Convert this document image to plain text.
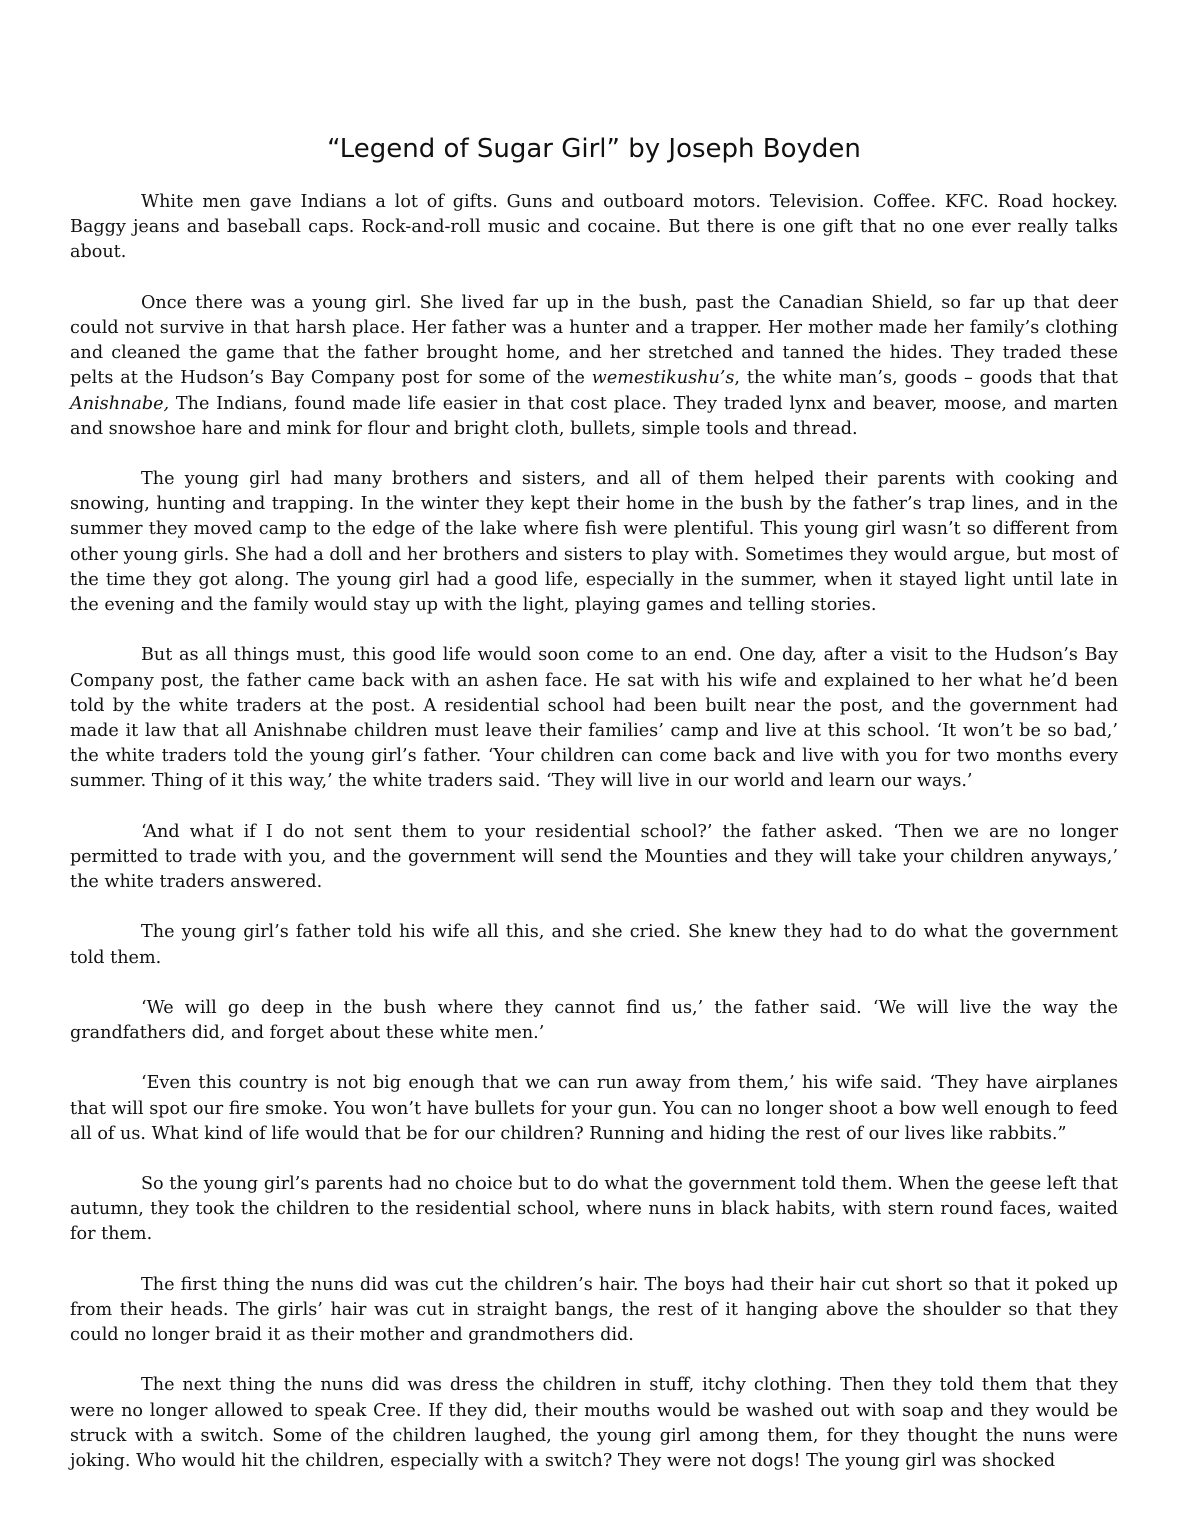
“Legend of Sugar Girl” by Joseph Boyden

White men gave Indians a lot of gifts. Guns and outboard motors. Television. Coffee. KFC. Road hockey. Baggy jeans and baseball caps. Rock-and-roll music and cocaine. But there is one gift that no one ever really talks about.

Once there was a young girl. She lived far up in the bush, past the Canadian Shield, so far up that deer could not survive in that harsh place. Her father was a hunter and a trapper. Her mother made her family’s clothing and cleaned the game that the father brought home, and her stretched and tanned the hides. They traded these pelts at the Hudson’s Bay Company post for some of the wemestikushu’s, the white man’s, goods – goods that that Anishnabe, The Indians, found made life easier in that cost place. They traded lynx and beaver, moose, and marten and snowshoe hare and mink for flour and bright cloth, bullets, simple tools and thread.

The young girl had many brothers and sisters, and all of them helped their parents with cooking and snowing, hunting and trapping. In the winter they kept their home in the bush by the father’s trap lines, and in the summer they moved camp to the edge of the lake where fish were plentiful. This young girl wasn’t so different from other young girls. She had a doll and her brothers and sisters to play with. Sometimes they would argue, but most of the time they got along. The young girl had a good life, especially in the summer, when it stayed light until late in the evening and the family would stay up with the light, playing games and telling stories.

But as all things must, this good life would soon come to an end. One day, after a visit to the Hudson’s Bay Company post, the father came back with an ashen face. He sat with his wife and explained to her what he’d been told by the white traders at the post. A residential school had been built near the post, and the government had made it law that all Anishnabe children must leave their families’ camp and live at this school. ‘It won’t be so bad,’ the white traders told the young girl’s father. ‘Your children can come back and live with you for two months every summer. Thing of it this way,’ the white traders said. ‘They will live in our world and learn our ways.’

‘And what if I do not sent them to your residential school?’ the father asked. ‘Then we are no longer permitted to trade with you, and the government will send the Mounties and they will take your children anyways,’ the white traders answered.

The young girl’s father told his wife all this, and she cried. She knew they had to do what the government told them.

‘We will go deep in the bush where they cannot find us,’ the father said. ‘We will live the way the grandfathers did, and forget about these white men.’

‘Even this country is not big enough that we can run away from them,’ his wife said. ‘They have airplanes that will spot our fire smoke. You won’t have bullets for your gun. You can no longer shoot a bow well enough to feed all of us. What kind of life would that be for our children? Running and hiding the rest of our lives like rabbits.”

So the young girl’s parents had no choice but to do what the government told them. When the geese left that autumn, they took the children to the residential school, where nuns in black habits, with stern round faces, waited for them.

The first thing the nuns did was cut the children’s hair. The boys had their hair cut short so that it poked up from their heads. The girls’ hair was cut in straight bangs, the rest of it hanging above the shoulder so that they could no longer braid it as their mother and grandmothers did.

The next thing the nuns did was dress the children in stuff, itchy clothing. Then they told them that they were no longer allowed to speak Cree. If they did, their mouths would be washed out with soap and they would be struck with a switch. Some of the children laughed, the young girl among them, for they thought the nuns were joking. Who would hit the children, especially with a switch? They were not dogs! The young girl was shocked
